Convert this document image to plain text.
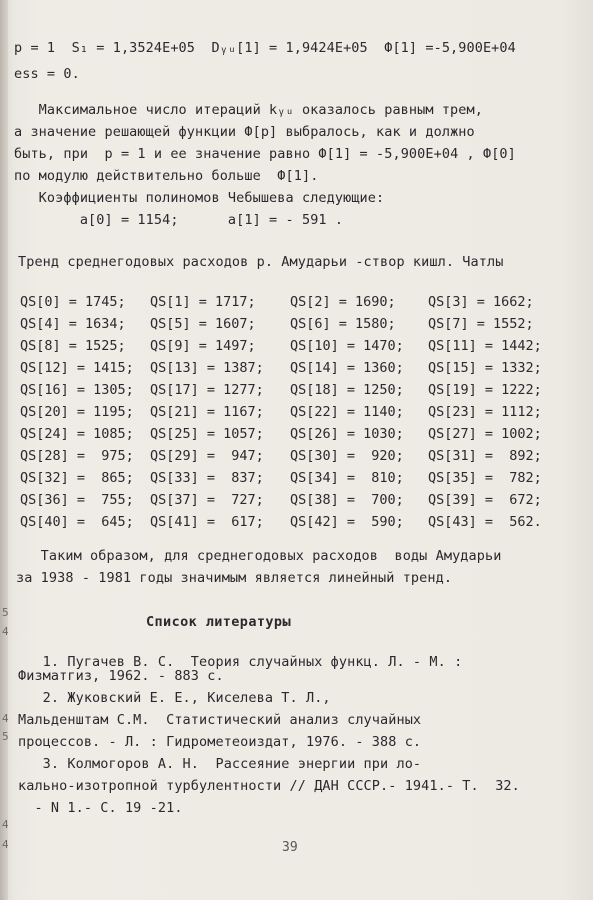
5
4
4
5
4
4
p = 1  S₁ = 1,3524E+05  Dᵧᵤ[1] = 1,9424E+05  Ф[1] =-5,900E+04
ess = 0.
Максимальное число итераций kᵧᵤ оказалось равным трем,
а значение решающей функции Ф[p] выбралось, как и должно
быть, при  p = 1 и ее значение равно Ф[1] = -5,900E+04 , Ф[0]
по модулю действительно больше  Ф[1].
Коэффициенты полиномов Чебышева следующие:
a[0] = 1154;      a[1] = - 591 .
Тренд среднегодовых расходов р. Амударьи -створ кишл. Чатлы
QS[0] = 1745; QS[1] = 1717;	QS[2] = 1690; QS[3] = 1662;
QS[4] = 1634; QS[5] = 1607;	QS[6] = 1580; QS[7] = 1552;
QS[8] = 1525; QS[9] = 1497;	QS[10] = 1470; QS[11] = 1442;
QS[12] = 1415; QS[13] = 1387; QS[14] = 1360; QS[15] = 1332;
QS[16] = 1305; QS[17] = 1277; QS[18] = 1250; QS[19] = 1222;
QS[20] = 1195; QS[21] = 1167; QS[22] = 1140; QS[23] = 1112;
QS[24] = 1085; QS[25] = 1057; QS[26] = 1030; QS[27] = 1002;
QS[28] =  975; QS[29] =  947; QS[30] =  920; QS[31] =  892;
QS[32] =  865; QS[33] =  837; QS[34] =  810; QS[35] =  782;
QS[36] =  755; QS[37] =  727; QS[38] =  700; QS[39] =  672;
QS[40] =  645; QS[41] =  617; QS[42] =  590; QS[43] =  562.
Таким образом, для среднегодовых расходов  воды Амударьи
за 1938 - 1981 годы значимым является линейный тренд.
Список литературы
1. Пугачев В. С.  Теория случайных функц. Л. - М. :
Физматгиз, 1962. - 883 с.
2. Жуковский Е. Е., Киселева Т. Л.,
Мальденштам С.М.  Статистический анализ случайных
процессов. - Л. : Гидрометеоиздат, 1976. - 388 с.
3. Колмогоров А. Н.  Рассеяние энергии при ло-
кально-изотропной турбулентности // ДАН СССР.- 1941.- Т.  32.
- N 1.- С. 19 -21.
39
